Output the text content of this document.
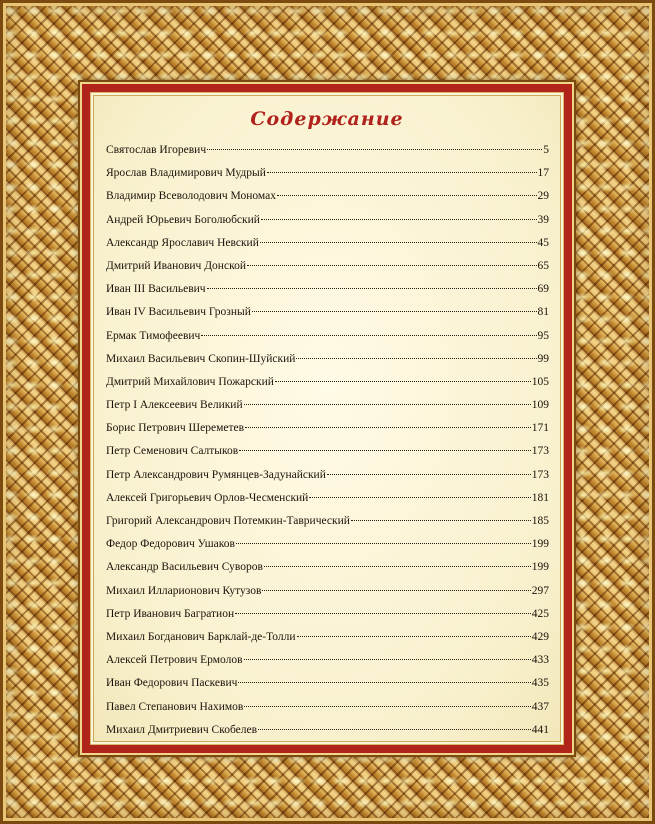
Содержание
Святослав Игоревич	5
Ярослав Владимирович Мудрый	17
Владимир Всеволодович Мономах	29
Андрей Юрьевич Боголюбский	39
Александр Ярославич Невский	45
Дмитрий Иванович Донской	65
Иван III Васильевич	69
Иван IV Васильевич Грозный	81
Ермак Тимофеевич	95
Михаил Васильевич Скопин-Шуйский	99
Дмитрий Михайлович Пожарский	105
Петр I Алексеевич Великий	109
Борис Петрович Шереметев	171
Петр Семенович Салтыков	173
Петр Александрович Румянцев-Задунайский	173
Алексей Григорьевич Орлов-Чесменский	181
Григорий Александрович Потемкин-Таврический	185
Федор Федорович Ушаков	199
Александр Васильевич Суворов	199
Михаил Илларионович Кутузов	297
Петр Иванович Багратион	425
Михаил Богданович Барклай-де-Толли	429
Алексей Петрович Ермолов	433
Иван Федорович Паскевич	435
Павел Степанович Нахимов	437
Михаил Дмитриевич Скобелев	441
